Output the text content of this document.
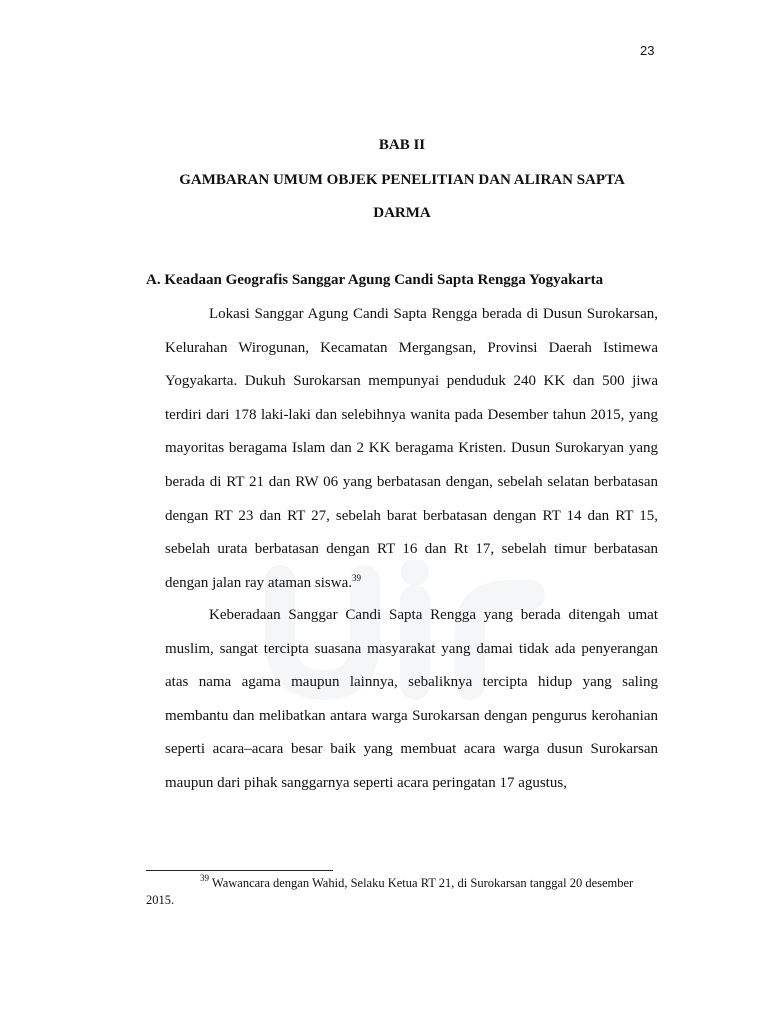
23
BAB II
GAMBARAN UMUM OBJEK PENELITIAN DAN ALIRAN SAPTA
DARMA
A. Keadaan Geografis Sanggar Agung Candi Sapta Rengga Yogyakarta

Lokasi Sanggar Agung Candi Sapta Rengga berada di Dusun Surokarsan, Kelurahan Wirogunan, Kecamatan Mergangsan, Provinsi Daerah Istimewa Yogyakarta. Dukuh Surokarsan mempunyai penduduk 240 KK dan 500 jiwa terdiri dari 178 laki-laki dan selebihnya wanita pada Desember tahun 2015, yang mayoritas beragama Islam dan 2 KK beragama Kristen. Dusun Surokaryan yang berada di RT 21 dan RW 06 yang berbatasan dengan, sebelah selatan berbatasan dengan RT 23 dan RT 27, sebelah barat berbatasan dengan RT 14 dan RT 15, sebelah urata berbatasan dengan RT 16 dan Rt 17, sebelah timur berbatasan dengan jalan ray ataman siswa.$^{39}$

Keberadaan Sanggar Candi Sapta Rengga yang berada ditengah umat muslim, sangat tercipta suasana masyarakat yang damai tidak ada penyerangan atas nama agama maupun lainnya, sebaliknya tercipta hidup yang saling membantu dan melibatkan antara warga Surokarsan dengan pengurus kerohanian seperti acara–acara besar baik yang membuat acara warga dusun Surokarsan maupun dari pihak sanggarnya seperti acara peringatan 17 agustus,

$^{39}$ Wawancara dengan Wahid, Selaku Ketua RT 21, di Surokarsan tanggal 20 desember 2015.
